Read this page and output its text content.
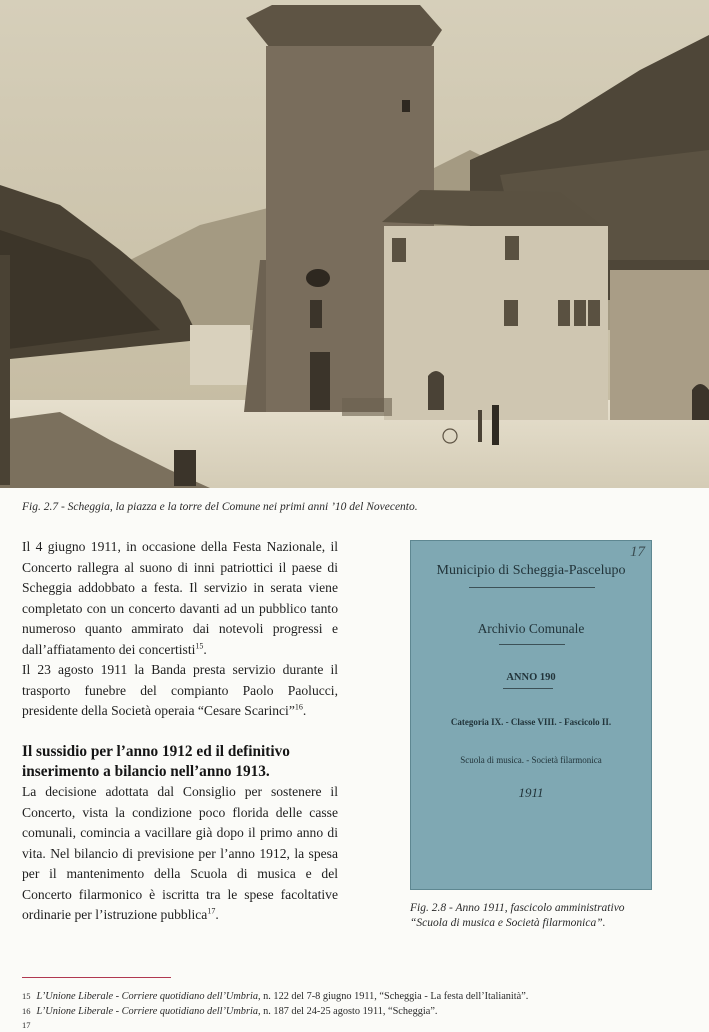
Fig. 2.7 - Scheggia, la piazza e la torre del Comune nei primi anni ’10 del Novecento.
Il 4 giugno 1911, in occasione della Festa Nazionale, il Concerto rallegra al suono di inni patriottici il paese di Scheggia addobbato a festa. Il servizio in serata viene completato con un concerto davanti ad un pubblico tanto numeroso quanto ammirato dai notevoli progressi e dall’affiatamento dei concertisti$^{15}$.
Il 23 agosto 1911 la Banda presta servizio durante il trasporto funebre del compianto Paolo Paolucci, presidente della Società operaia “Cesare Scarinci”$^{16}$.
Il sussidio per l’anno 1912 ed il definitivo inserimento a bilancio nell’anno 1913.
La decisione adottata dal Consiglio per sostenere il Concerto, vista la condizione poco florida delle casse comunali, comincia a vacillare già dopo il primo anno di vita. Nel bilancio di previsione per l’anno 1912, la spesa per il mantenimento della Scuola di musica e del Concerto filarmonico è iscritta tra le spese facoltative ordinarie per l’istruzione pubblica$^{17}$.
17
Municipio di Scheggia-Pascelupo
Archivio Comunale
ANNO 190
Categoria IX. - Classe VIII. - Fascicolo II.
Scuola di musica. - Società filarmonica
1911
Fig. 2.8 - Anno 1911, fascicolo amministrativo
“Scuola di musica e Società filarmonica”.
15 L’Unione Liberale - Corriere quotidiano dell’Umbria, n. 122 del 7-8 giugno 1911, “Scheggia - La festa dell’Italianità”.
16 L’Unione Liberale - Corriere quotidiano dell’Umbria, n. 187 del 24-25 agosto 1911, “Scheggia”.
17
